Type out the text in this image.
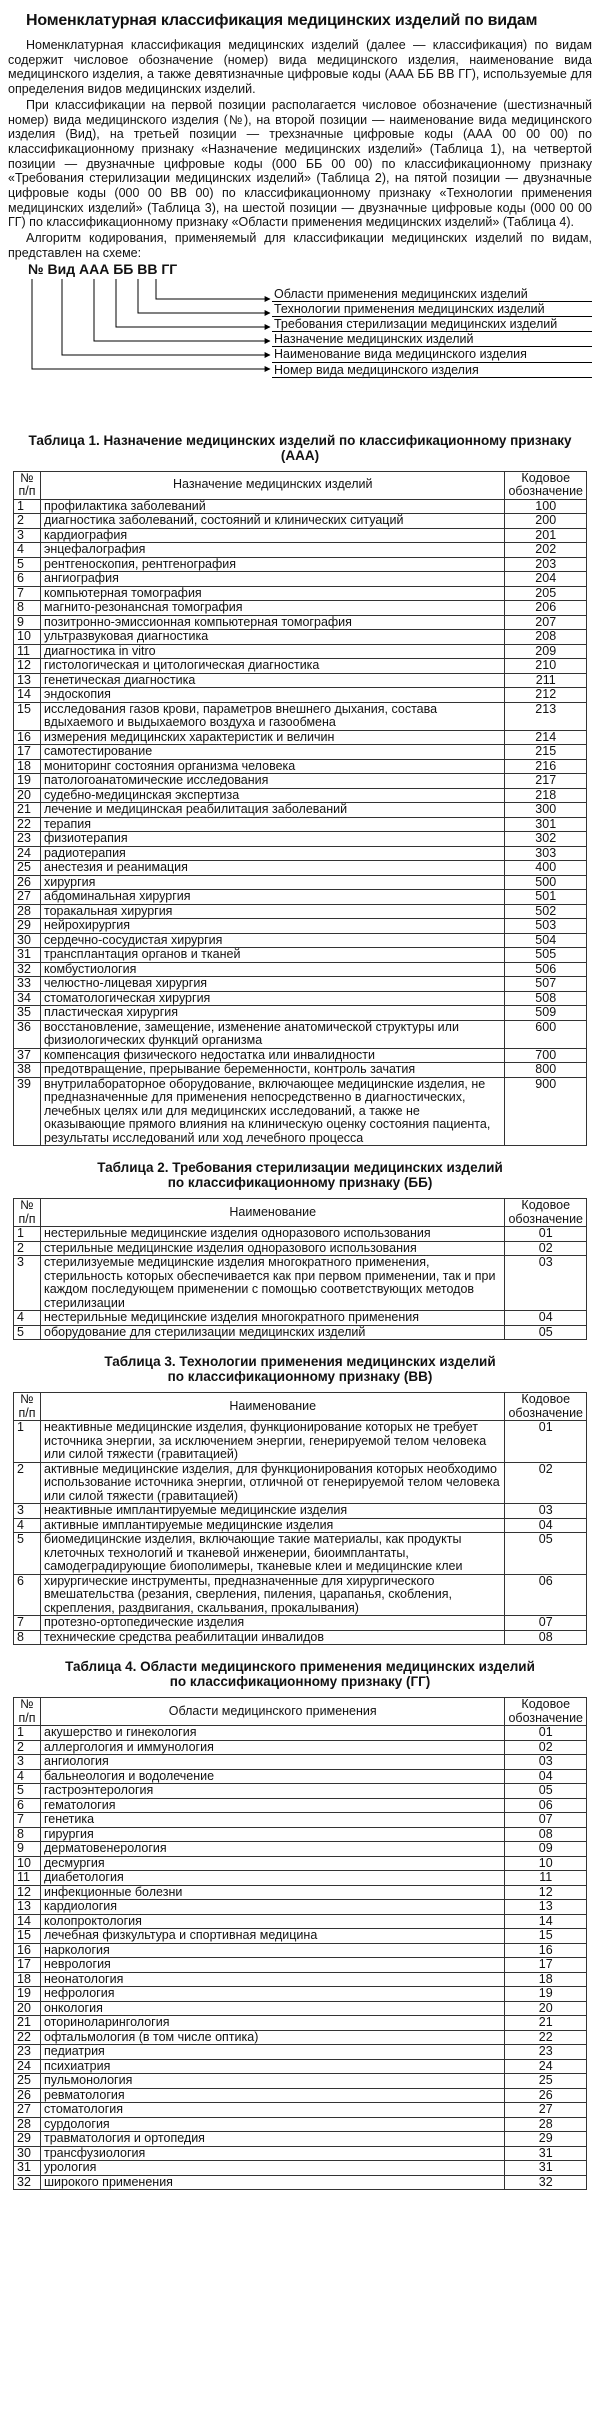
Номенклатурная классификация медицинских изделий по видам

Номенклатурная классификация медицинских изделий (далее — классификация) по видам содержит числовое обозначение (номер) вида медицинского изделия, наименование вида медицинского изделия, а также девятизначные цифровые коды (ААА ББ ВВ ГГ), используемые для определения видов медицинских изделий.

При классификации на первой позиции располагается числовое обозначение (шестизначный номер) вида медицинского изделия (№), на второй позиции — наименование вида медицинского изделия (Вид), на третьей позиции — трехзначные цифровые коды (ААА 00 00 00) по классификационному признаку «Назначение медицинских изделий» (Таблица 1), на четвертой позиции — двузначные цифровые коды (000 ББ 00 00) по классификационному признаку «Требования стерилизации медицинских изделий» (Таблица 2), на пятой позиции — двузначные цифровые коды (000 00 ВВ 00) по классификационному признаку «Технологии применения медицинских изделий» (Таблица 3), на шестой позиции — двузначные цифровые коды (000 00 00 ГГ) по классификационному признаку «Области применения медицинских изделий» (Таблица 4).

Алгоритм кодирования, применяемый для классификации медицинских изделий по видам, представлен на схеме:

№ Вид ААА ББ ВВ ГГ
Области применения медицинских изделий
Технологии применения медицинских изделий
Требования стерилизации медицинских изделий
Назначение медицинских изделий
Наименование вида медицинского изделия
Номер вида медицинского изделия
Таблица 1. Назначение медицинских изделий по классификационному признаку
(ААА)
№ п/п	Назначение медицинских изделий	Кодовое обозначение
1	профилактика заболеваний	100
2	диагностика заболеваний, состояний и клинических ситуаций	200
3	кардиография	201
4	энцефалография	202
5	рентгеноскопия, рентгенография	203
6	ангиография	204
7	компьютерная томография	205
8	магнито-резонансная томография	206
9	позитронно-эмиссионная компьютерная томография	207
10	ультразвуковая диагностика	208
11	диагностика in vitro	209
12	гистологическая и цитологическая диагностика	210
13	генетическая диагностика	211
14	эндоскопия	212
15	исследования газов крови, параметров внешнего дыхания, состава вдыхаемого и выдыхаемого воздуха и газообмена	213
16	измерения медицинских характеристик и величин	214
17	самотестирование	215
18	мониторинг состояния организма человека	216
19	патологоанатомические исследования	217
20	судебно-медицинская экспертиза	218
21	лечение и медицинская реабилитация заболеваний	300
22	терапия	301
23	физиотерапия	302
24	радиотерапия	303
25	анестезия и реанимация	400
26	хирургия	500
27	абдоминальная хирургия	501
28	торакальная хирургия	502
29	нейрохирургия	503
30	сердечно-сосудистая хирургия	504
31	трансплантация органов и тканей	505
32	комбустиология	506
33	челюстно-лицевая хирургия	507
34	стоматологическая хирургия	508
35	пластическая хирургия	509
36	восстановление, замещение, изменение анатомической структуры или физиологических функций организма	600
37	компенсация физического недостатка или инвалидности	700
38	предотвращение, прерывание беременности, контроль зачатия	800
39	внутрилабораторное оборудование, включающее медицинские изделия, не предназначенные для применения непосредственно в диагностических, лечебных целях или для медицинских исследований, а также не оказывающие прямого влияния на клиническую оценку состояния пациента, результаты исследований или ход лечебного процесса	900
Таблица 2. Требования стерилизации медицинских изделий
по классификационному признаку (ББ)
№ п/п	Наименование	Кодовое обозначение
1	нестерильные медицинские изделия одноразового использования	01
2	стерильные медицинские изделия одноразового использования	02
3	стерилизуемые медицинские изделия многократного применения, стерильность которых обеспечивается как при первом применении, так и при каждом последующем применении с помощью соответствующих методов стерилизации	03
4	нестерильные медицинские изделия многократного применения	04
5	оборудование для стерилизации медицинских изделий	05
Таблица 3. Технологии применения медицинских изделий
по классификационному признаку (ВВ)
№ п/п	Наименование	Кодовое обозначение
1	неактивные медицинские изделия, функционирование которых не требует источника энергии, за исключением энергии, генерируемой телом человека или силой тяжести (гравитацией)	01
2	активные медицинские изделия, для функционирования которых необходимо использование источника энергии, отличной от генерируемой телом человека или силой тяжести (гравитацией)	02
3	неактивные имплантируемые медицинские изделия	03
4	активные имплантируемые медицинские изделия	04
5	биомедицинские изделия, включающие такие материалы, как продукты клеточных технологий и тканевой инженерии, биоимплантаты, самодеградирующие биополимеры, тканевые клеи и медицинские клеи	05
6	хирургические инструменты, предназначенные для хирургического вмешательства (резания, сверления, пиления, царапанья, скобления, скрепления, раздвигания, скальвания, прокалывания)	06
7	протезно-ортопедические изделия	07
8	технические средства реабилитации инвалидов	08
Таблица 4. Области медицинского применения медицинских изделий
по классификационному признаку (ГГ)
№ п/п	Области медицинского применения	Кодовое обозначение
1	акушерство и гинекология	01
2	аллергология и иммунология	02
3	ангиология	03
4	бальнеология и водолечение	04
5	гастроэнтерология	05
6	гематология	06
7	генетика	07
8	гирургия	08
9	дерматовенерология	09
10	десмургия	10
11	диабетология	11
12	инфекционные болезни	12
13	кардиология	13
14	колопроктология	14
15	лечебная физкультура и спортивная медицина	15
16	наркология	16
17	неврология	17
18	неонатология	18
19	нефрология	19
20	онкология	20
21	оториноларингология	21
22	офтальмология (в том числе оптика)	22
23	педиатрия	23
24	психиатрия	24
25	пульмонология	25
26	ревматология	26
27	стоматология	27
28	сурдология	28
29	травматология и ортопедия	29
30	трансфузиология	31
31	урология	31
32	широкого применения	32
